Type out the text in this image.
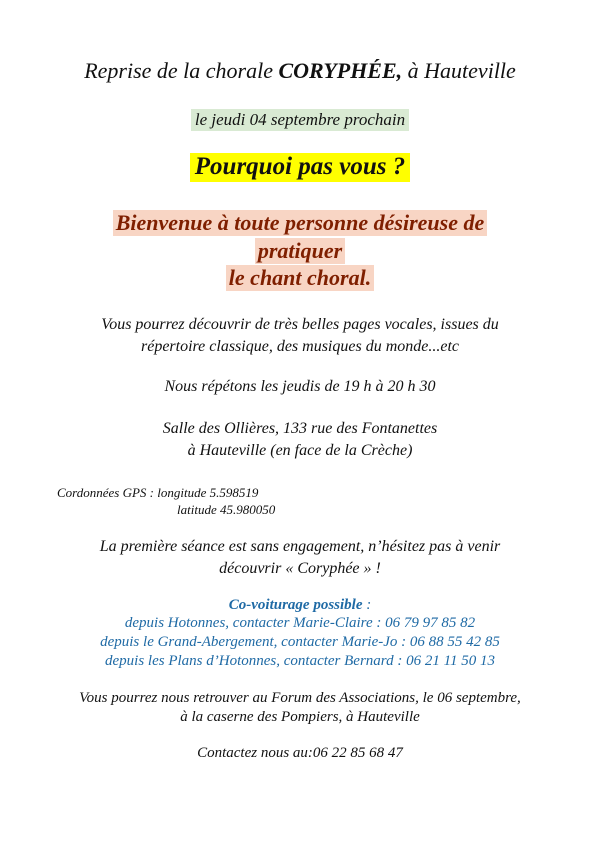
Reprise de la chorale CORYPHÉE, à Hauteville
le jeudi 04 septembre prochain
Pourquoi pas vous ?
Bienvenue à toute personne désireuse de
pratiquer
le chant choral.
Vous pourrez découvrir de très belles pages vocales, issues du
répertoire classique, des musiques du monde...etc
Nous répétons les jeudis de 19 h à 20 h 30
Salle des Ollières, 133 rue des Fontanettes
à Hauteville (en face de la Crèche)
Cordonnées GPS : longitude 5.598519
latitude 45.980050
La première séance est sans engagement, n’hésitez pas à venir
découvrir « Coryphée » !
Co-voiturage possible :
depuis Hotonnes, contacter Marie-Claire : 06 79 97 85 82
depuis le Grand-Abergement, contacter Marie-Jo : 06 88 55 42 85
depuis les Plans d’Hotonnes, contacter Bernard : 06 21 11 50 13
Vous pourrez nous retrouver au Forum des Associations, le 06 septembre,
à la caserne des Pompiers, à Hauteville
Contactez nous au:06 22 85 68 47
